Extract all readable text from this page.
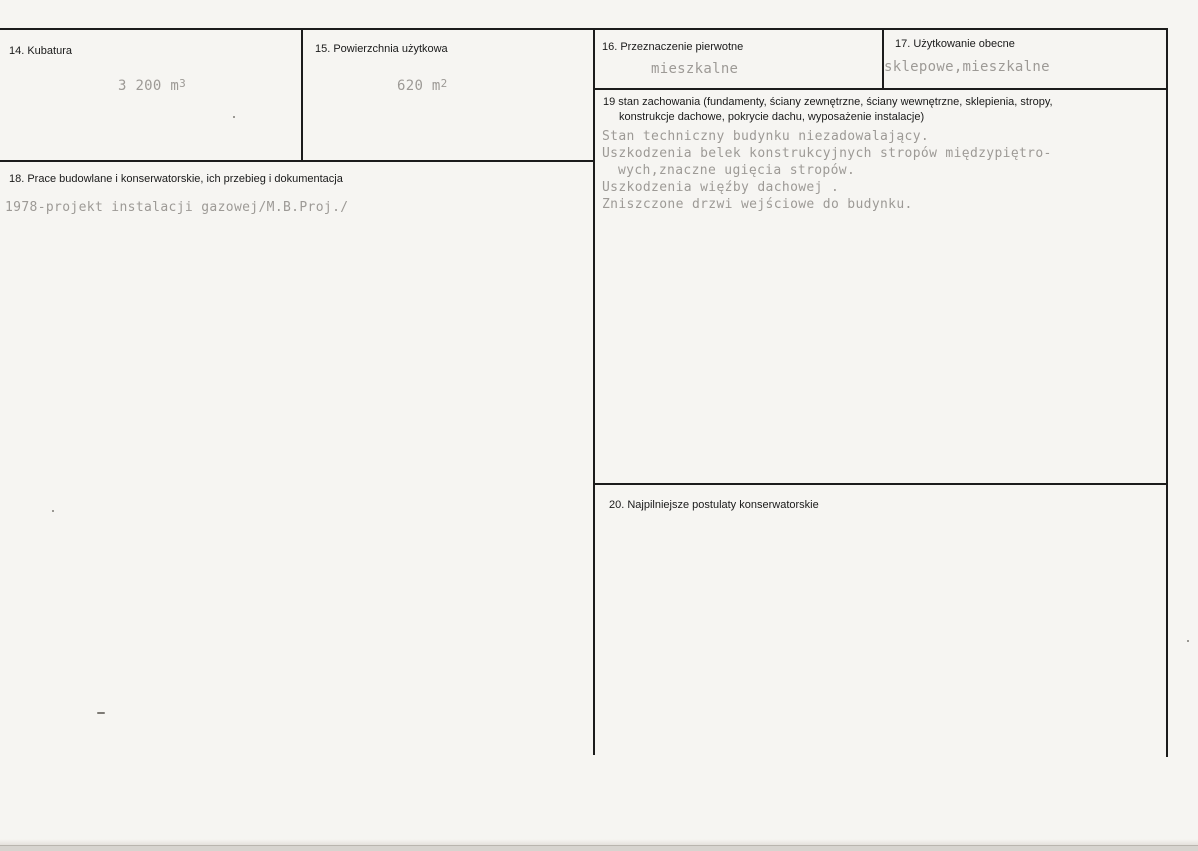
14. Kubatura
3 200 $m^3$
15. Powierzchnia użytkowa
620 $m^2$
16. Przeznaczenie pierwotne
mieszkalne
17. Użytkowanie obecne
sklepowe,mieszkalne
19 stan zachowania (fundamenty, ściany zewnętrzne, ściany wewnętrzne, sklepienia, stropy,
konstrukcje dachowe, pokrycie dachu, wyposażenie instalacje)
Stan techniczny budynku niezadowalający.
Uszkodzenia belek konstrukcyjnych stropów międzypiętro-
wych,znaczne ugięcia stropów.
Uszkodzenia więźby dachowej .
Zniszczone drzwi wejściowe do budynku.
18. Prace budowlane i konserwatorskie, ich przebieg i dokumentacja
1978-projekt instalacji gazowej/M.B.Proj./
20. Najpilniejsze postulaty konserwatorskie
